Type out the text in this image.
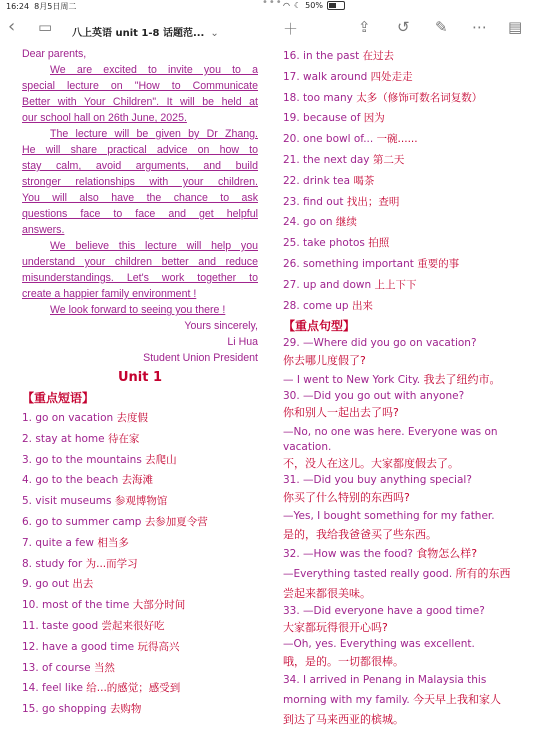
16:24 8月5日周二	••• ◠ ☾ 50%
‹ ▭ 八上英语 unit 1-8 话题范... ⌄	＋	⇪ ↺ ✎ ⋯ ▤
Dear parents,
We are excited to invite you to a
special lecture on "How to Communicate
Better with Your Children". It will be held at
our school hall on 26th June, 2025.
The lecture will be given by Dr Zhang.
He will share practical advice on how to
stay calm, avoid arguments, and build
stronger relationships with your children.
You will also have the chance to ask
questions face to face and get helpful
answers.
We believe this lecture will help you
understand your children better and reduce
misunderstandings. Let's work together to
create a happier family environment !
We look forward to seeing you there !
Yours sincerely,
Li Hua
Student Union President
Unit 1
【重点短语】
1. go on vacation 去度假
2. stay at home 待在家
3. go to the mountains 去爬山
4. go to the beach 去海滩
5. visit museums 参观博物馆
6. go to summer camp 去参加夏令营
7. quite a few 相当多
8. study for 为...而学习
9. go out 出去
10. most of the time 大部分时间
11. taste good 尝起来很好吃
12. have a good time 玩得高兴
13. of course 当然
14. feel like 给...的感觉；感受到
15. go shopping 去购物
16. in the past 在过去
17. walk around 四处走走
18. too many 太多（修饰可数名词复数）
19. because of 因为
20. one bowl of... 一碗......
21. the next day 第二天
22. drink tea 喝茶
23. find out 找出；查明
24. go on 继续
25. take photos 拍照
26. something important 重要的事
27. up and down 上上下下
28. come up 出来
【重点句型】
29. —Where did you go on vacation?
你去哪儿度假了?
— I went to New York City. 我去了纽约市。
30. —Did you go out with anyone?
你和别人一起出去了吗?
—No, no one was here. Everyone was on
vacation.
不，没人在这儿。大家都度假去了。
31. —Did you buy anything special?
你买了什么特别的东西吗?
—Yes, I bought something for my father.
是的，我给我爸爸买了些东西。
32. —How was the food? 食物怎么样?
—Everything tasted really good. 所有的东西
尝起来都很美味。
33. —Did everyone have a good time?
大家都玩得很开心吗?
—Oh, yes. Everything was excellent.
哦，是的。一切都很棒。
34. I arrived in Penang in Malaysia this
morning with my family. 今天早上我和家人
到达了马来西亚的槟城。
